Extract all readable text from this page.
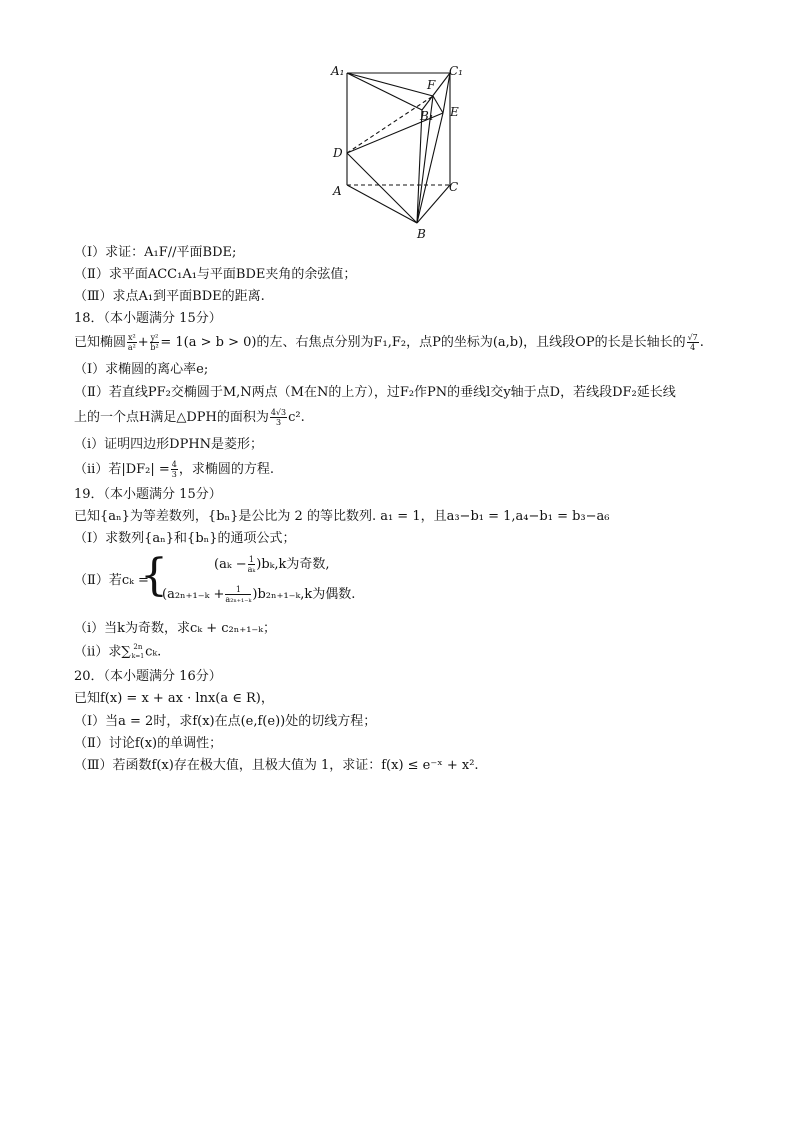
A₁	C₁
F
B₁ E
D
A	C
B
（Ⅰ）求证：A₁F//平面BDE;
（Ⅱ）求平面ACC₁A₁与平面BDE夹角的余弦值；
（Ⅲ）求点A₁到平面BDE的距离.
18．（本小题满分 15分）
已知椭圆 $\frac{\text{x²}}{\text{a²}} + \frac{\text{y²}}{\text{b²}} = 1(a > b > 0)$的左、右焦点分别为F₁,F₂，点P的坐标为(a,b)，且线段OP的长是长轴长的 $\frac{√7}{4}$ .
（Ⅰ）求椭圆的离心率e;
（Ⅱ）若直线PF₂交椭圆于M,N两点（M在N的上方），过F₂作PN的垂线l交y轴于点D，若线段DF₂延长线
上的一个点H满足△DPH的面积为 $\frac{4√3}{3} c^2$.
（i）证明四边形DPHN是菱形；
（ii）若$|DF_2| = \frac{4}{3}$ ，求椭圆的方程.
19．（本小题满分 15分）
已知{aₙ}为等差数列，{bₙ}是公比为 2 的等比数列. a₁ = 1，且a₃−b₁ = 1,a₄−b₁ = b₃−a₆
（Ⅰ）求数列{aₙ}和{bₙ}的通项公式；
（Ⅱ）若cₖ =
{	$(a_k - \frac{1}{\text{aₖ}} )b_k,k$为奇数,
$(a_{2n+1-k} + \frac{1}{\text{a₂ₙ₊₁₋ₖ}} )b_{2n+1-k},k$为偶数.
（i）当k为奇数，求cₖ + c₂ₙ₊₁₋ₖ；
（ii）求∑ 2n
k=1 cₖ.
20．（本小题满分 16分）
已知f(x) = x + ax · lnx(a ∈ R)，
（Ⅰ）当a = 2时，求f(x)在点(e,f(e))处的切线方程；
（Ⅱ）讨论f(x)的单调性；
（Ⅲ）若函数f(x)存在极大值，且极大值为 1，求证：f(x) ≤ e⁻ˣ + x².
